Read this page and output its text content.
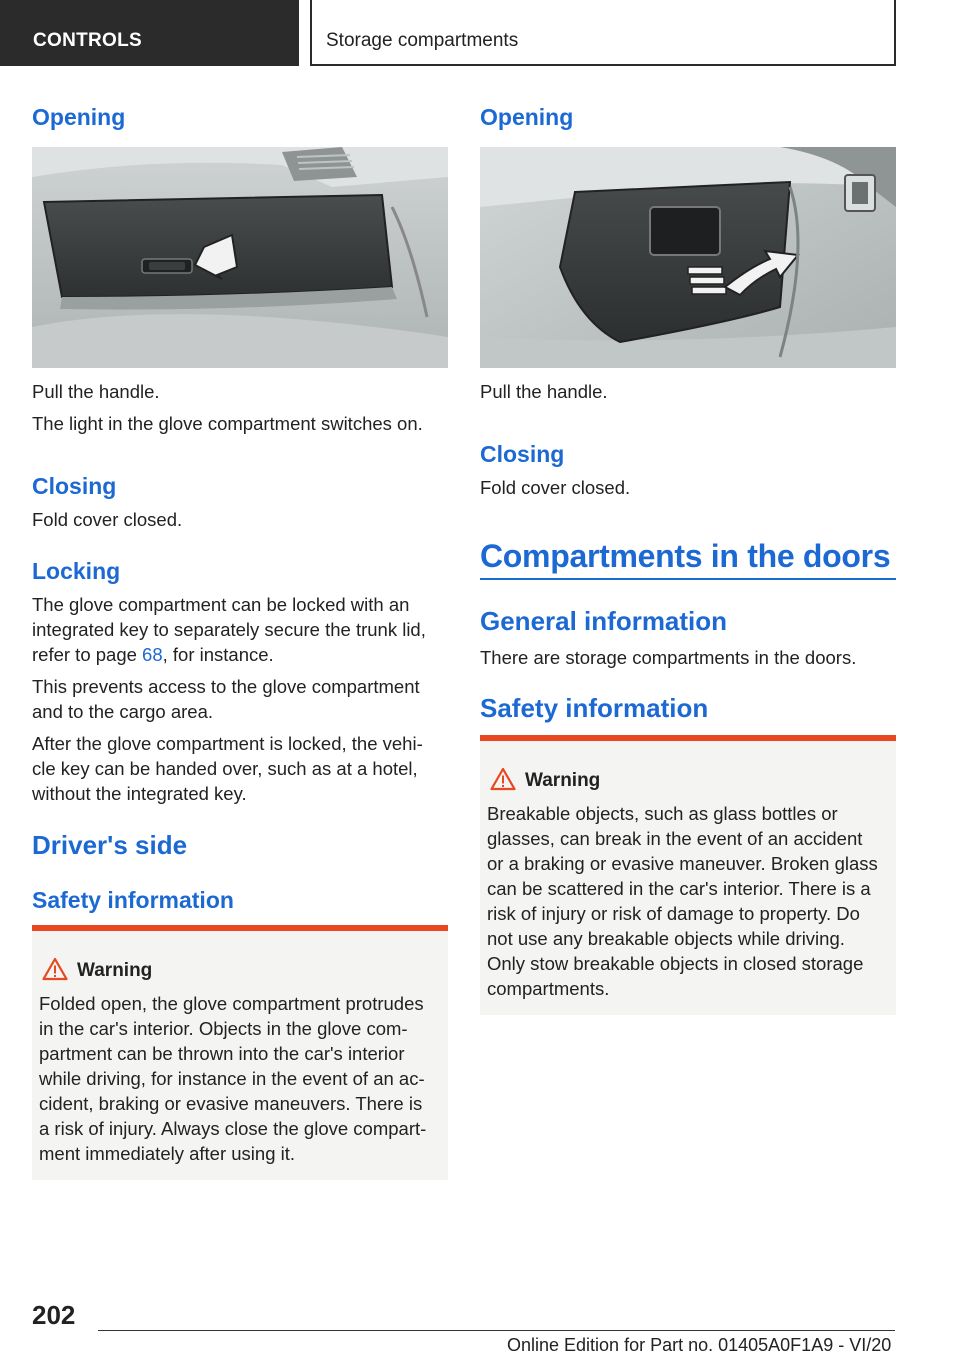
CONTROLS	Storage compartments
Opening
Pull the handle.
The light in the glove compartment switches on.
Closing
Fold cover closed.
Locking
The glove compartment can be locked with an
integrated key to separately secure the trunk lid,
refer to page 68, for instance.
This prevents access to the glove compartment
and to the cargo area.
After the glove compartment is locked, the vehi-
cle key can be handed over, such as at a hotel,
without the integrated key.
Driver's side
Safety information
Warning
Folded open, the glove compartment protrudes
in the car's interior. Objects in the glove com-
partment can be thrown into the car's interior
while driving, for instance in the event of an ac-
cident, braking or evasive maneuvers. There is
a risk of injury. Always close the glove compart-
ment immediately after using it.
Opening
Pull the handle.
Closing
Fold cover closed.
Compartments in the doors
General information
There are storage compartments in the doors.
Safety information
Warning
Breakable objects, such as glass bottles or
glasses, can break in the event of an accident
or a braking or evasive maneuver. Broken glass
can be scattered in the car's interior. There is a
risk of injury or risk of damage to property. Do
not use any breakable objects while driving.
Only stow breakable objects in closed storage
compartments.
202
Online Edition for Part no. 01405A0F1A9 - VI/20
